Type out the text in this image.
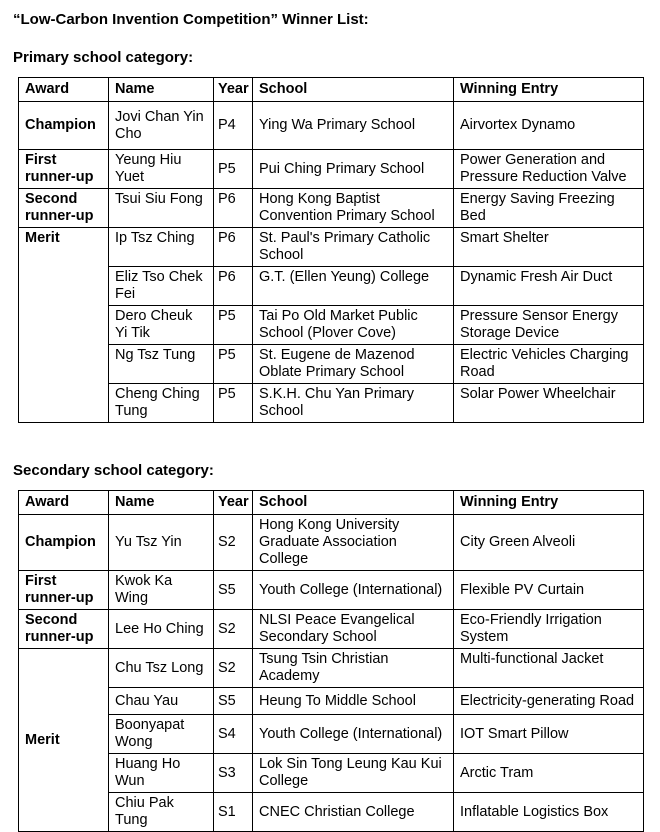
“Low-Carbon Invention Competition” Winner List:
Primary school category:
Award	Name	Year	School	Winning Entry
Champion	Jovi Chan Yin Cho	P4	Ying Wa Primary School	Airvortex Dynamo
First runner-up	Yeung Hiu Yuet	P5	Pui Ching Primary School	Power Generation and Pressure Reduction Valve
Second runner-up	Tsui Siu Fong	P6	Hong Kong Baptist Convention Primary School	Energy Saving Freezing Bed
Merit	Ip Tsz Ching	P6	St. Paul's Primary Catholic School	Smart Shelter
	Eliz Tso Chek Fei	P6	G.T. (Ellen Yeung) College	Dynamic Fresh Air Duct
	Dero Cheuk Yi Tik	P5	Tai Po Old Market Public School (Plover Cove)	Pressure Sensor Energy Storage Device
	Ng Tsz Tung	P5	St. Eugene de Mazenod Oblate Primary School	Electric Vehicles Charging Road
	Cheng Ching Tung	P5	S.K.H. Chu Yan Primary School	Solar Power Wheelchair
Secondary school category:
Award	Name	Year	School	Winning Entry
Champion	Yu Tsz Yin	S2	Hong Kong University Graduate Association College	City Green Alveoli
First runner-up	Kwok Ka Wing	S5	Youth College (International)	Flexible PV Curtain
Second runner-up	Lee Ho Ching	S2	NLSI Peace Evangelical Secondary School	Eco-Friendly Irrigation System
Merit	Chu Tsz Long	S2	Tsung Tsin Christian Academy	Multi-functional Jacket
	Chau Yau	S5	Heung To Middle School	Electricity-generating Road
	Boonyapat Wong	S4	Youth College (International)	IOT Smart Pillow
	Huang Ho Wun	S3	Lok Sin Tong Leung Kau Kui College	Arctic Tram
	Chiu Pak Tung	S1	CNEC Christian College	Inflatable Logistics Box
